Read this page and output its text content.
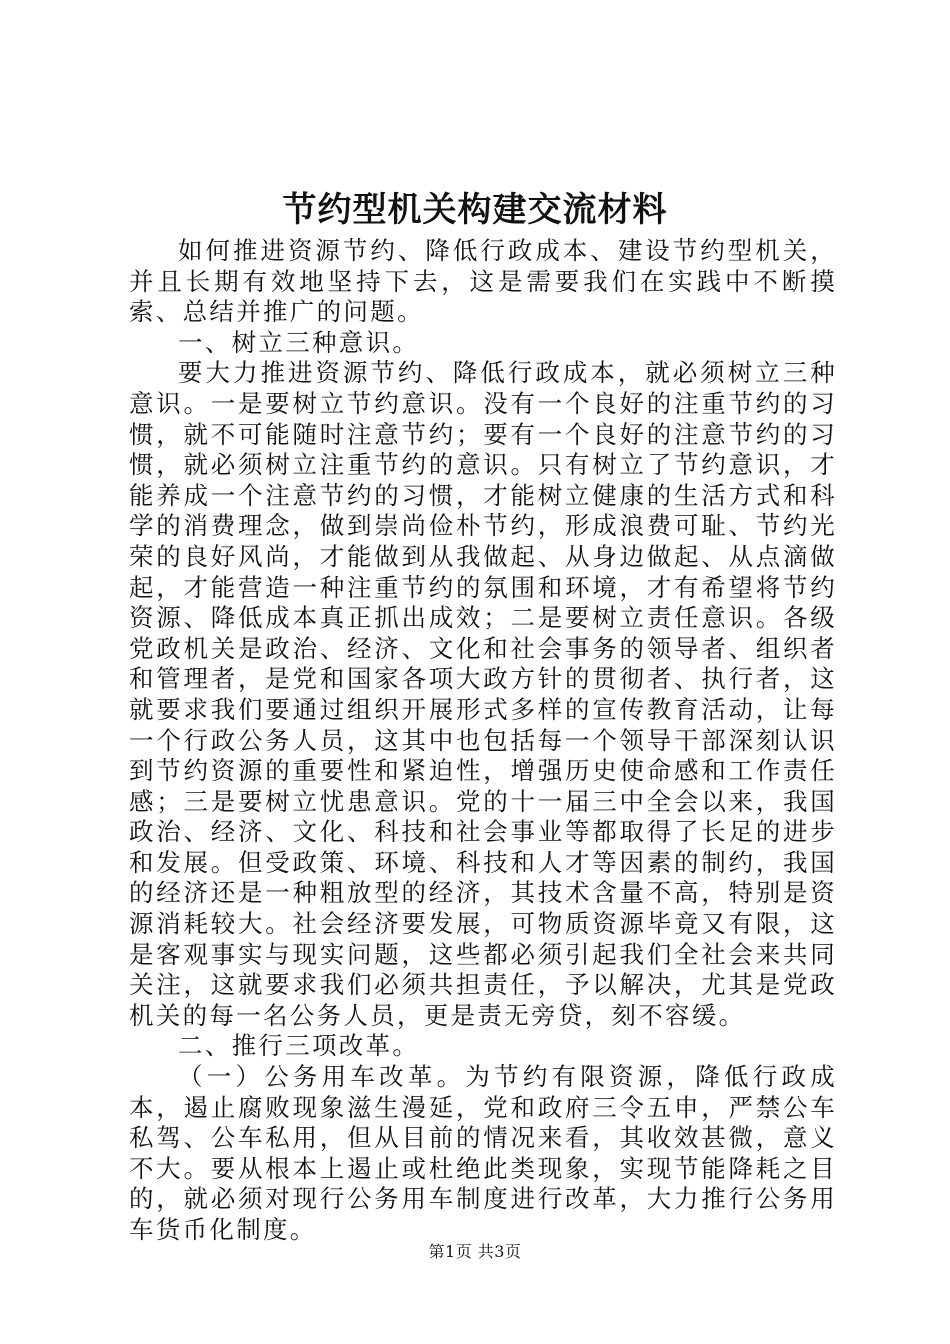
节约型机关构建交流材料

如何推进资源节约、降低行政成本、建设节约型机关，并且长期有效地坚持下去，这是需要我们在实践中不断摸索、总结并推广的问题。

一、树立三种意识。

要大力推进资源节约、降低行政成本，就必须树立三种意识。一是要树立节约意识。没有一个良好的注重节约的习惯，就不可能随时注意节约；要有一个良好的注意节约的习惯，就必须树立注重节约的意识。只有树立了节约意识，才能养成一个注意节约的习惯，才能树立健康的生活方式和科学的消费理念，做到崇尚俭朴节约，形成浪费可耻、节约光荣的良好风尚，才能做到从我做起、从身边做起、从点滴做起，才能营造一种注重节约的氛围和环境，才有希望将节约资源、降低成本真正抓出成效；二是要树立责任意识。各级党政机关是政治、经济、文化和社会事务的领导者、组织者和管理者，是党和国家各项大政方针的贯彻者、执行者，这就要求我们要通过组织开展形式多样的宣传教育活动，让每一个行政公务人员，这其中也包括每一个领导干部深刻认识到节约资源的重要性和紧迫性，增强历史使命感和工作责任感；三是要树立忧患意识。党的十一届三中全会以来，我国政治、经济、文化、科技和社会事业等都取得了长足的进步和发展。但受政策、环境、科技和人才等因素的制约，我国的经济还是一种粗放型的经济，其技术含量不高，特别是资源消耗较大。社会经济要发展，可物质资源毕竟又有限，这是客观事实与现实问题，这些都必须引起我们全社会来共同关注，这就要求我们必须共担责任，予以解决，尤其是党政机关的每一名公务人员，更是责无旁贷，刻不容缓。

二、推行三项改革。

（一）公务用车改革。为节约有限资源，降低行政成本，遏止腐败现象滋生漫延，党和政府三令五申，严禁公车私驾、公车私用，但从目前的情况来看，其收效甚微，意义不大。要从根本上遏止或杜绝此类现象，实现节能降耗之目的，就必须对现行公务用车制度进行改革，大力推行公务用车货币化制度。

第1页 共3页
